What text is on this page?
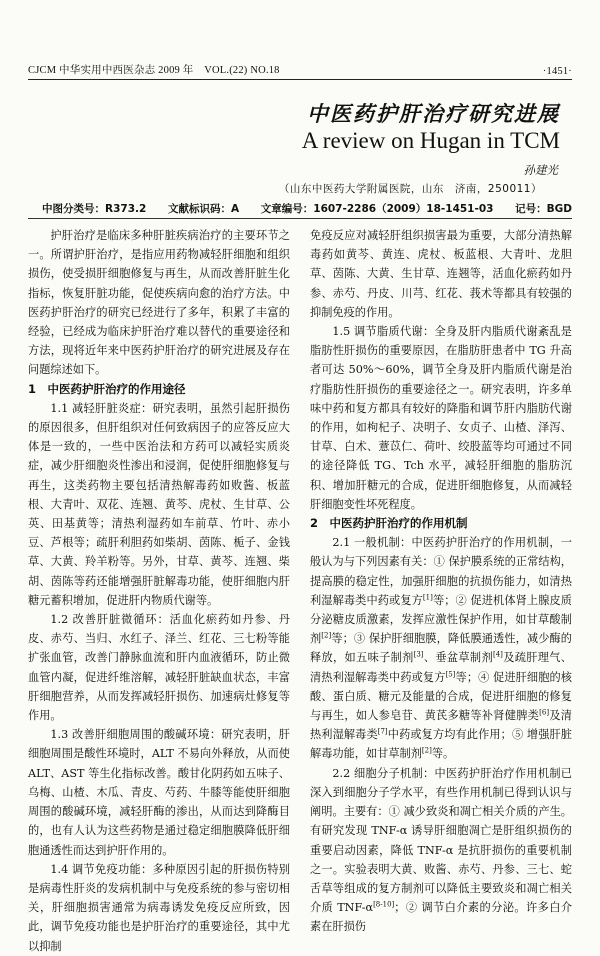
CJCM 中华实用中西医杂志 2009 年　VOL.(22) NO.18	·1451·
中医药护肝治疗研究进展
A review on Hugan in TCM
孙建光
（山东中医药大学附属医院，山东　济南，250011）
中图分类号：R373.2 文献标识码：A 文章编号：1607-2286（2009）18-1451-03 记号：BGD

护肝治疗是临床多种肝脏疾病治疗的主要环节之一。所谓护肝治疗，是指应用药物减轻肝细胞和组织损伤，使受损肝细胞修复与再生，从而改善肝脏生化指标，恢复肝脏功能，促使疾病向愈的治疗方法。中医药护肝治疗的研究已经进行了多年，积累了丰富的经验，已经成为临床护肝治疗难以替代的重要途径和方法，现将近年来中医药护肝治疗的研究进展及存在问题综述如下。

1　中医药护肝治疗的作用途径

1.1 减轻肝脏炎症：研究表明，虽然引起肝损伤的原因很多，但肝组织对任何致病因子的应答反应大体是一致的，一些中医治法和方药可以减轻实质炎症，减少肝细胞炎性渗出和浸润，促使肝细胞修复与再生，这类药物主要包括清热解毒药如败酱、板蓝根、大青叶、双花、连翘、黄芩、虎杖、生甘草、公英、田基黄等；清热利湿药如车前草、竹叶、赤小豆、芦根等；疏肝利胆药如柴胡、茵陈、栀子、金钱草、大黄、羚羊粉等。另外，甘草、黄芩、连翘、柴胡、茵陈等药还能增强肝脏解毒功能，使肝细胞内肝糖元蓄积增加，促进肝内物质代谢等。

1.2 改善肝脏微循环：活血化瘀药如丹参、丹皮、赤芍、当归、水红子、泽兰、红花、三七粉等能扩张血管，改善门静脉血流和肝内血液循环，防止微血管内凝，促进纤维溶解，减轻肝脏缺血状态，丰富肝细胞营养，从而发挥减轻肝损伤、加速病灶修复等作用。

1.3 改善肝细胞周围的酸碱环境：研究表明，肝细胞周围是酸性环境时，ALT 不易向外释放，从而使 ALT、AST 等生化指标改善。酸甘化阴药如五味子、乌梅、山楂、木瓜、青皮、芍药、牛膝等能使肝细胞周围的酸碱环境，减轻肝酶的渗出，从而达到降酶目的，也有人认为这些药物是通过稳定细胞膜降低肝细胞通透性而达到护肝作用的。

1.4 调节免疫功能：多种原因引起的肝损伤特别是病毒性肝炎的发病机制中与免疫系统的参与密切相关，肝细胞损害通常为病毒诱发免疫反应所致，因此，调节免疫功能也是护肝治疗的重要途径，其中尤以抑制

免疫反应对减轻肝组织损害最为重要，大部分清热解毒药如黄芩、黄连、虎杖、板蓝根、大青叶、龙胆草、茵陈、大黄、生甘草、连翘等，活血化瘀药如丹参、赤芍、丹皮、川芎、红花、莪术等都具有较强的抑制免疫的作用。

1.5 调节脂质代谢：全身及肝内脂质代谢紊乱是脂肪性肝损伤的重要原因，在脂肪肝患者中 TG 升高者可达 50%～60%，调节全身及肝内脂质代谢是治疗脂肪性肝损伤的重要途径之一。研究表明，许多单味中药和复方都具有较好的降脂和调节肝内脂肪代谢的作用，如枸杞子、决明子、女贞子、山楂、泽泻、甘草、白术、薏苡仁、荷叶、绞股蓝等均可通过不同的途径降低 TG、Tch 水平，减轻肝细胞的脂肪沉积、增加肝糖元的合成，促进肝细胞修复，从而减轻肝细胞变性坏死程度。

2　中医药护肝治疗的作用机制

2.1 一般机制：中医药护肝治疗的作用机制，一般认为与下列因素有关：① 保护膜系统的正常结构，提高膜的稳定性，加强肝细胞的抗损伤能力，如清热利湿解毒类中药或复方[1]等；② 促进机体肾上腺皮质分泌糖皮质激素，发挥应激性保护作用，如甘草酸制剂[2]等；③ 保护肝细胞膜，降低膜通透性，减少酶的释放，如五味子制剂[3]、垂盆草制剂[4]及疏肝理气、清热利湿解毒类中药或复方[5]等；④ 促进肝细胞的核酸、蛋白质、糖元及能量的合成，促进肝细胞的修复与再生，如人参皂苷、黄芪多糖等补肾健脾类[6]及清热利湿解毒类[7]中药或复方均有此作用；⑤ 增强肝脏解毒功能，如甘草制剂[2]等。

2.2 细胞分子机制：中医药护肝治疗作用机制已深入到细胞分子学水平，有些作用机制已得到认识与阐明。主要有：① 减少致炎和凋亡相关介质的产生。有研究发现 TNF-α 诱导肝细胞凋亡是肝组织损伤的重要启动因素，降低 TNF-α 是抗肝损伤的重要机制之一。实验表明大黄、败酱、赤芍、丹参、三七、蛇舌草等组成的复方制剂可以降低主要致炎和凋亡相关介质 TNF-α[8-10]；② 调节白介素的分泌。许多白介素在肝损伤
